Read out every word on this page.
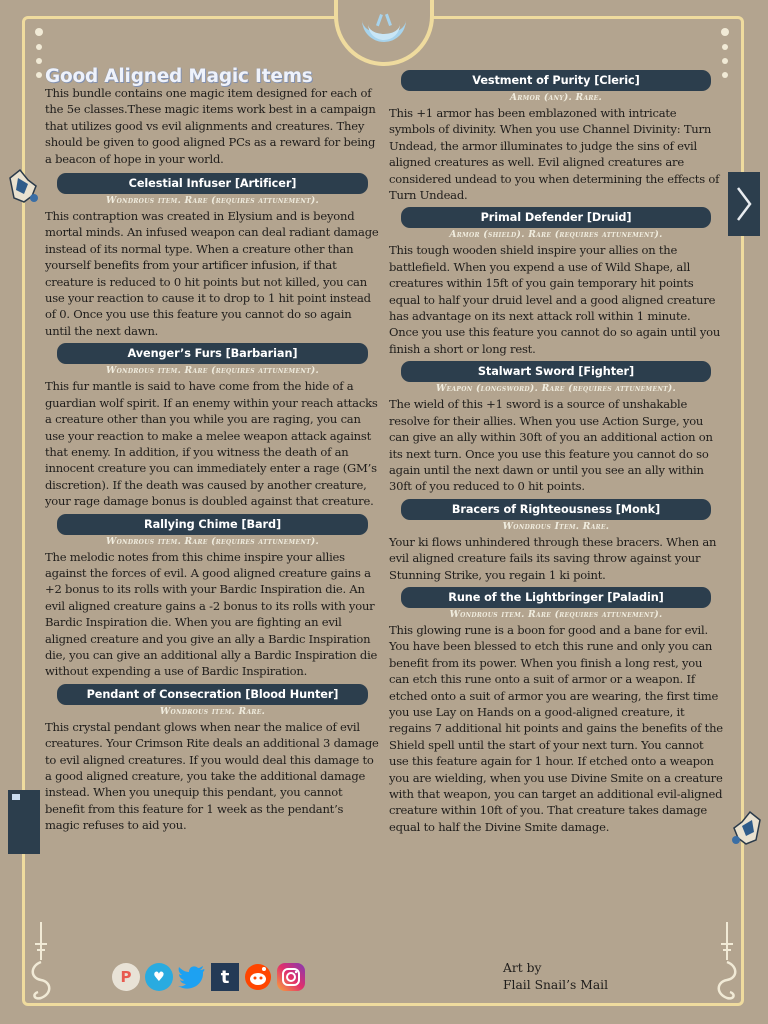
Good Aligned Magic Items

This bundle contains one magic item designed for each of the 5e classes.These magic items work best in a campaign that utilizes good vs evil alignments and creatures. They should be given to good aligned PCs as a reward for being a beacon of hope in your world.

Celestial Infuser [Artificer]
Wondrous item. Rare (requires attunement).

This contraption was created in Elysium and is beyond mortal minds. An infused weapon can deal radiant damage instead of its normal type. When a creature other than yourself benefits from your artificer infusion, if that creature is reduced to 0 hit points but not killed, you can use your reaction to cause it to drop to 1 hit point instead of 0. Once you use this feature you cannot do so again until the next dawn.

Avenger’s Furs [Barbarian]
Wondrous item. Rare (requires attunement).

This fur mantle is said to have come from the hide of a guardian wolf spirit. If an enemy within your reach attacks a creature other than you while you are raging, you can use your reaction to make a melee weapon attack against that enemy. In addition, if you witness the death of an innocent creature you can immediately enter a rage (GM’s discretion). If the death was caused by another creature, your rage damage bonus is doubled against that creature.

Rallying Chime [Bard]
Wondrous item. Rare (requires attunement).

The melodic notes from this chime inspire your allies against the forces of evil. A good aligned creature gains a +2 bonus to its rolls with your Bardic Inspiration die. An evil aligned creature gains a -2 bonus to its rolls with your Bardic Inspiration die. When you are fighting an evil aligned creature and you give an ally a Bardic Inspiration die, you can give an additional ally a Bardic Inspiration die without expending a use of Bardic Inspiration.

Pendant of Consecration [Blood Hunter]
Wondrous item. Rare.

This crystal pendant glows when near the malice of evil creatures. Your Crimson Rite deals an additional 3 damage to evil aligned creatures. If you would deal this damage to a good aligned creature, you take the additional damage instead. When you unequip this pendant, you cannot benefit from this feature for 1 week as the pendant’s magic refuses to aid you.

Vestment of Purity [Cleric]
Armor (any). Rare.

This +1 armor has been emblazoned with intricate symbols of divinity. When you use Channel Divinity: Turn Undead, the armor illuminates to judge the sins of evil aligned creatures as well. Evil aligned creatures are considered undead to you when determining the effects of Turn Undead.

Primal Defender [Druid]
Armor (shield). Rare (requires attunement).

This tough wooden shield inspire your allies on the battlefield. When you expend a use of Wild Shape, all creatures within 15ft of you gain temporary hit points equal to half your druid level and a good aligned creature has advantage on its next attack roll within 1 minute. Once you use this feature you cannot do so again until you finish a short or long rest.

Stalwart Sword [Fighter]
Weapon (longsword). Rare (requires attunement).

The wield of this +1 sword is a source of unshakable resolve for their allies. When you use Action Surge, you can give an ally within 30ft of you an additional action on its next turn. Once you use this feature you cannot do so again until the next dawn or until you see an ally within 30ft of you reduced to 0 hit points.

Bracers of Righteousness [Monk]
Wondrous Item. Rare.

Your ki flows unhindered through these bracers. When an evil aligned creature fails its saving throw against your Stunning Strike, you regain 1 ki point.

Rune of the Lightbringer [Paladin]
Wondrous item. Rare (requires attunement).

This glowing rune is a boon for good and a bane for evil. You have been blessed to etch this rune and only you can benefit from its power. When you finish a long rest, you can etch this rune onto a suit of armor or a weapon. If etched onto a suit of armor you are wearing, the first time you use Lay on Hands on a good-aligned creature, it regains 7 additional hit points and gains the benefits of the Shield spell until the start of your next turn. You cannot use this feature again for 1 hour. If etched onto a weapon you are wielding, when you use Divine Smite on a creature with that weapon, you can target an additional evil-aligned creature within 10ft of you. That creature takes damage equal to half the Divine Smite damage.

P ♥	t	Art by
Flail Snail’s Mail
